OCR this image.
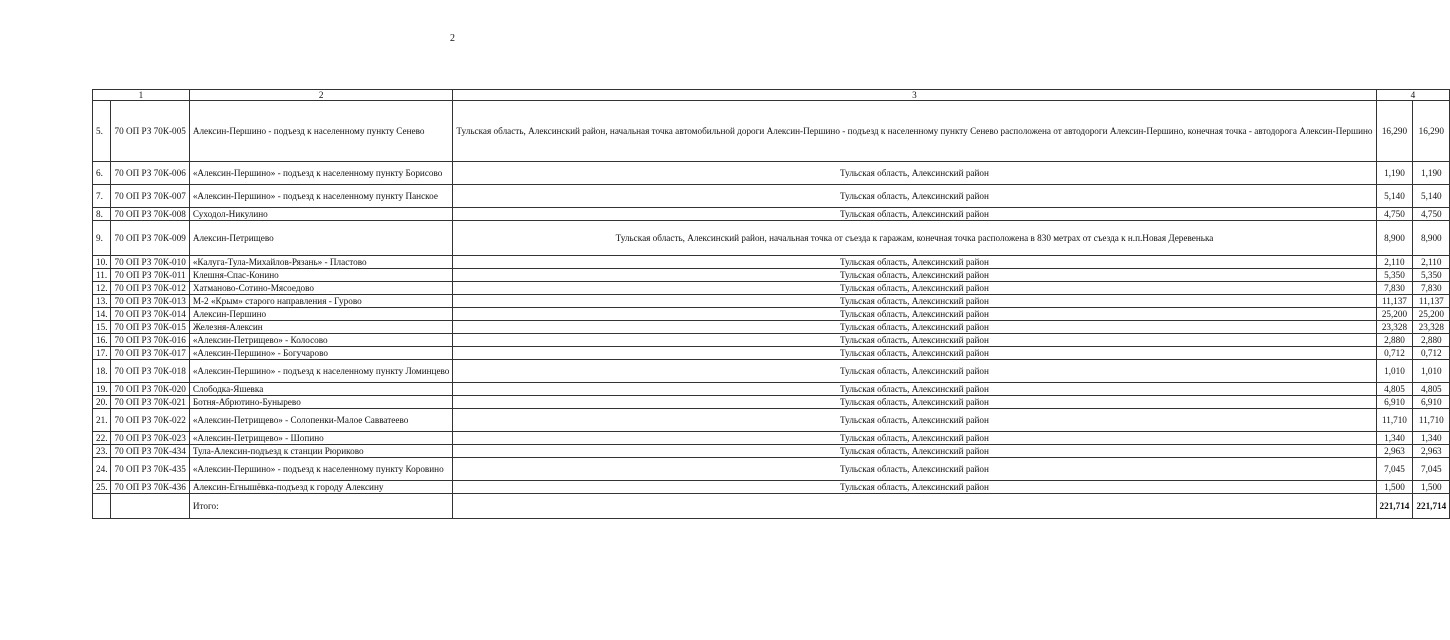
2
1		2	3	4	
5.	70 ОП РЗ 70К-005	Алексин-Першино - подъезд к населенному пункту Сенево	Тульская область, Алексинский район, начальная точка автомобильной дороги Алексин-Першино - подъезд к населенному пункту Сенево расположена от автодороги Алексин-Першино, конечная точка - автодорога Алексин-Першино	16,290	16,290
6.	70 ОП РЗ 70К-006	«Алексин-Першино» - подъезд к населенному пункту Борисово	Тульская область, Алексинский район	1,190	1,190
7.	70 ОП РЗ 70К-007	«Алексин-Першино» - подъезд к населенному пункту Панское	Тульская область, Алексинский район	5,140	5,140
8.	70 ОП РЗ 70К-008	Суходол-Никулино	Тульская область, Алексинский район	4,750	4,750
9.	70 ОП РЗ 70К-009	Алексин-Петрищево	Тульская область, Алексинский район, начальная точка от съезда к гаражам, конечная точка расположена в 830 метрах от съезда к н.п.Новая Деревенька	8,900	8,900
10.	70 ОП РЗ 70К-010	«Калуга-Тула-Михайлов-Рязань» - Пластово	Тульская область, Алексинский район	2,110	2,110
11.	70 ОП РЗ 70К-011	Клешня-Спас-Конино	Тульская область, Алексинский район	5,350	5,350
12.	70 ОП РЗ 70К-012	Хатманово-Сотино-Мясоедово	Тульская область, Алексинский район	7,830	7,830
13.	70 ОП РЗ 70К-013	М-2 «Крым» старого направления - Гурово	Тульская область, Алексинский район	11,137	11,137
14.	70 ОП РЗ 70К-014	Алексин-Першино	Тульская область, Алексинский район	25,200	25,200
15.	70 ОП РЗ 70К-015	Железня-Алексин	Тульская область, Алексинский район	23,328	23,328
16.	70 ОП РЗ 70К-016	«Алексин-Петрищево» - Колосово	Тульская область, Алексинский район	2,880	2,880
17.	70 ОП РЗ 70К-017	«Алексин-Першино» - Богучарово	Тульская область, Алексинский район	0,712	0,712
18.	70 ОП РЗ 70К-018	«Алексин-Першино» - подъезд к населенному пункту Ломинцево	Тульская область, Алексинский район	1,010	1,010
19.	70 ОП РЗ 70К-020	Слободка-Яшевка	Тульская область, Алексинский район	4,805	4,805
20.	70 ОП РЗ 70К-021	Ботня-Абрютино-Буныревo	Тульская область, Алексинский район	6,910	6,910
21.	70 ОП РЗ 70К-022	«Алексин-Петрищево» - Солопенки-Малое Савватеево	Тульская область, Алексинский район	11,710	11,710
22.	70 ОП РЗ 70К-023	«Алексин-Петрищево» - Шопино	Тульская область, Алексинский район	1,340	1,340
23.	70 ОП РЗ 70К-434	Тула-Алексин-подъезд к станции Рюриково	Тульская область, Алексинский район	2,963	2,963
24.	70 ОП РЗ 70К-435	«Алексин-Першино» - подъезд к населенному пункту Коровино	Тульская область, Алексинский район	7,045	7,045
25.	70 ОП РЗ 70К-436	Алексин-Егнышёвка-подъезд к городу Алексину	Тульская область, Алексинский район	1,500	1,500
		Итого:		221,714	221,714
